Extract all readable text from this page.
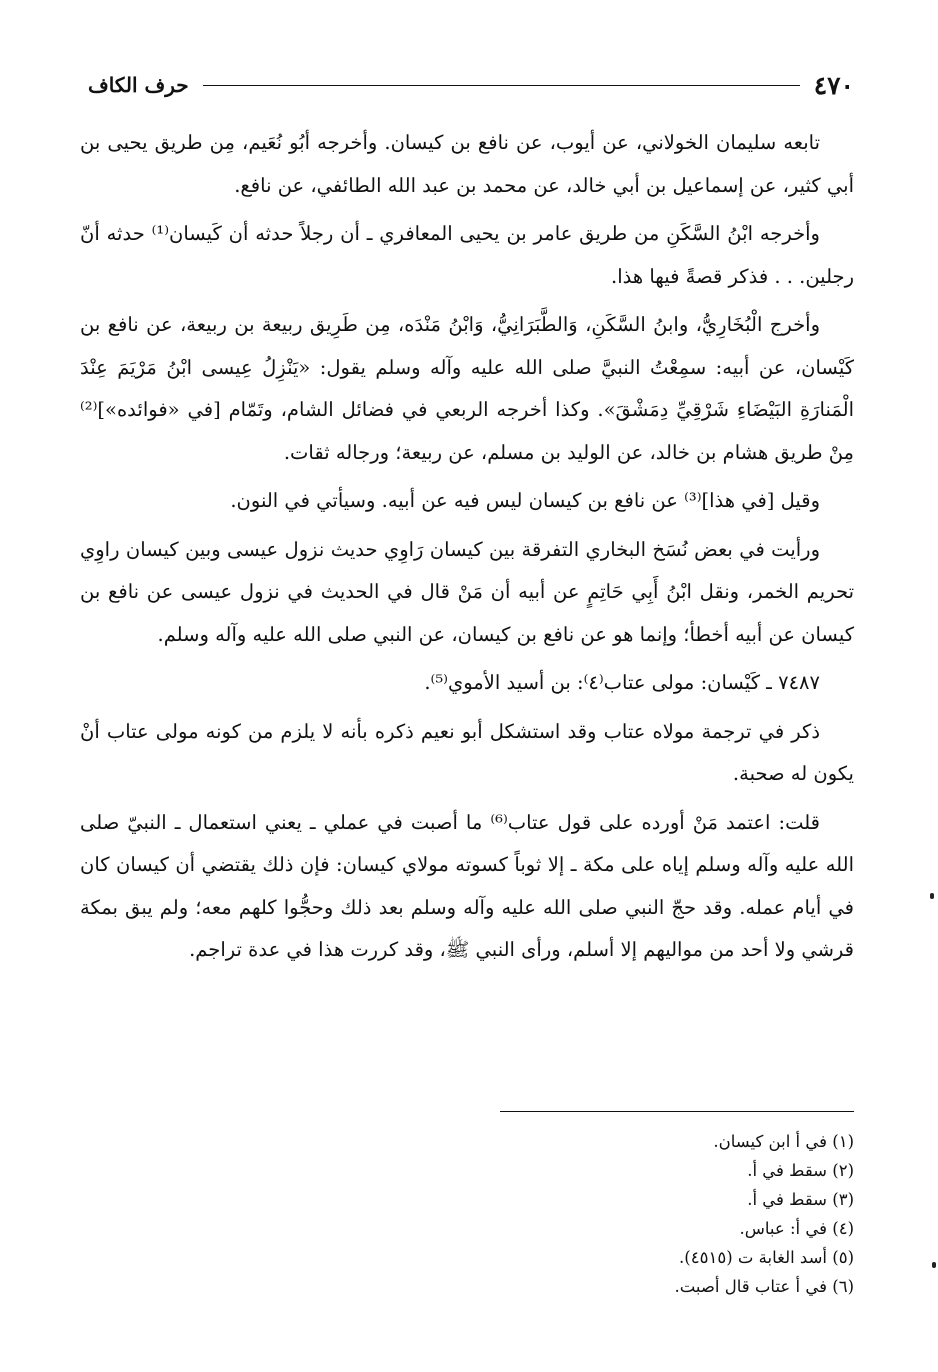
٤٧٠
حرف الكاف

تابعه سليمان الخولاني، عن أيوب، عن نافع بن كيسان. وأخرجه أبُو نُعَيم، مِن طريق يحيى بن أبي كثير، عن إسماعيل بن أبي خالد، عن محمد بن عبد الله الطائفي، عن نافع.

وأخرجه ابْنُ السَّكَنِ من طريق عامر بن يحيى المعافري ـ أن رجلاً حدثه أن كَيسان⁽¹⁾ حدثه أنّ رجلين. . . فذكر قصةً فيها هذا.

وأخرج الْبُخَارِيُّ، وابنُ السَّكَنِ، وَالطَّبَرَانِيُّ، وَابْنُ مَنْدَه، مِن طَرِيق ربيعة بن ربيعة، عن نافع بن كَيْسان، عن أبيه: سمِعْتُ النبيَّ صلى الله عليه وآله وسلم يقول: «يَنْزِلُ عِيسى ابْنُ مَرْيَمَ عِنْدَ الْمَنارَةِ البَيْضَاءِ شَرْقِيِّ دِمَشْقَ». وكذا أخرجه الربعي في فضائل الشام، وتَمّام [في «فوائده»]⁽²⁾ مِنْ طريق هشام بن خالد، عن الوليد بن مسلم، عن ربيعة؛ ورجاله ثقات.

وقيل [في هذا]⁽³⁾ عن نافع بن كيسان ليس فيه عن أبيه. وسيأتي في النون.

ورأيت في بعض نُسَخ البخاري التفرقة بين كيسان رَاوِي حديث نزول عيسى وبين كيسان راوِي تحريم الخمر، ونقل ابْنُ أَبِي حَاتِمٍ عن أبيه أن مَنْ قال في الحديث في نزول عيسى عن نافع بن كيسان عن أبيه أخطأ؛ وإنما هو عن نافع بن كيسان، عن النبي صلى الله عليه وآله وسلم.

٧٤٨٧ ـ كَيْسان: مولى عتاب⁽٤⁾: بن أسيد الأموي⁽⁵⁾.

ذكر في ترجمة مولاه عتاب وقد استشكل أبو نعيم ذكره بأنه لا يلزم من كونه مولى عتاب أنْ يكون له صحبة.

قلت: اعتمد مَنْ أورده على قول عتاب⁽⁶⁾ ما أصبت في عملي ـ يعني استعمال ـ النبيّ صلى الله عليه وآله وسلم إياه على مكة ـ إلا ثوباً كسوته مولاي كيسان: فإن ذلك يقتضي أن كيسان كان في أيام عمله. وقد حجّ النبي صلى الله عليه وآله وسلم بعد ذلك وحجُّوا كلهم معه؛ ولم يبق بمكة قرشي ولا أحد من مواليهم إلا أسلم، ورأى النبي ﷺ، وقد كررت هذا في عدة تراجم.

(١) في أ ابن كيسان.
(٢) سقط في أ.
(٣) سقط في أ.
(٤) في أ: عباس.
(٥) أسد الغابة ت (٤٥١٥).
(٦) في أ عتاب قال أصبت.
